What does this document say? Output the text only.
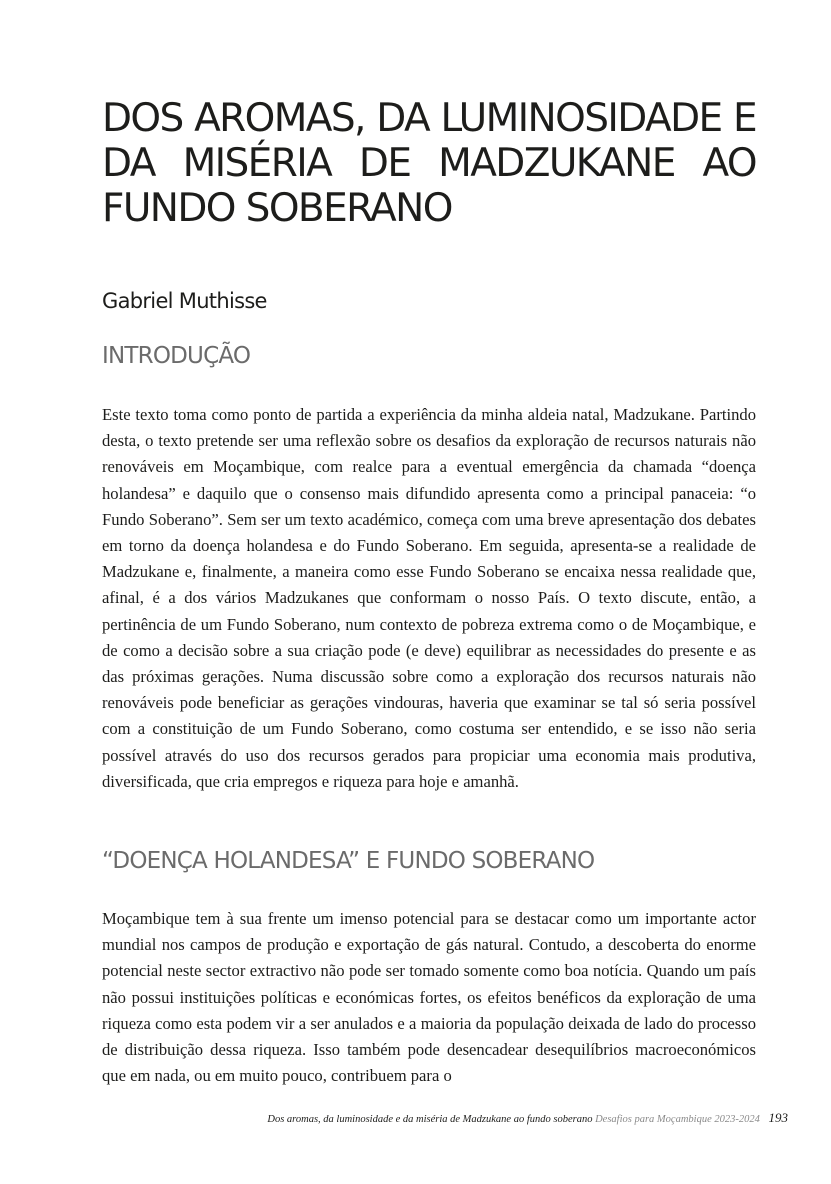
DOS AROMAS, DA LUMINOSIDADE E DA MISÉRIA DE MADZUKANE AO FUNDO SOBERANO
Gabriel Muthisse
INTRODUÇÃO

Este texto toma como ponto de partida a experiência da minha aldeia natal, Madzukane. Partindo desta, o texto pretende ser uma reflexão sobre os desafios da exploração de recursos naturais não renováveis em Moçambique, com realce para a eventual emergência da chamada “doença holandesa” e daquilo que o consenso mais difundido apresenta como a principal panaceia: “o Fundo Soberano”. Sem ser um texto académico, começa com uma breve apresentação dos debates em torno da doença holandesa e do Fundo Soberano. Em seguida, apresenta-se a realidade de Madzukane e, finalmente, a maneira como esse Fundo Soberano se encaixa nessa realidade que, afinal, é a dos vários Madzukanes que conformam o nosso País. O texto discute, então, a pertinência de um Fundo Soberano, num contexto de pobreza extrema como o de Moçambique, e de como a decisão sobre a sua criação pode (e deve) equilibrar as necessidades do presente e as das próximas gerações. Numa discussão sobre como a exploração dos recursos naturais não renováveis pode beneficiar as gerações vindouras, haveria que examinar se tal só seria possível com a constituição de um Fundo Soberano, como costuma ser entendido, e se isso não seria possível através do uso dos recursos gerados para propiciar uma economia mais produtiva, diversificada, que cria empregos e riqueza para hoje e amanhã.

“DOENÇA HOLANDESA” E FUNDO SOBERANO

Moçambique tem à sua frente um imenso potencial para se destacar como um importante actor mundial nos campos de produção e exportação de gás natural. Contudo, a descoberta do enorme potencial neste sector extractivo não pode ser tomado somente como boa notícia. Quando um país não possui instituições políticas e económicas fortes, os efeitos benéficos da exploração de uma riqueza como esta podem vir a ser anulados e a maioria da população deixada de lado do processo de distribuição dessa riqueza. Isso também pode desencadear desequilíbrios macroeconómicos que em nada, ou em muito pouco, contribuem para o

Dos aromas, da luminosidade e da miséria de Madzukane ao fundo soberano Desafios para Moçambique 2023-2024 193
